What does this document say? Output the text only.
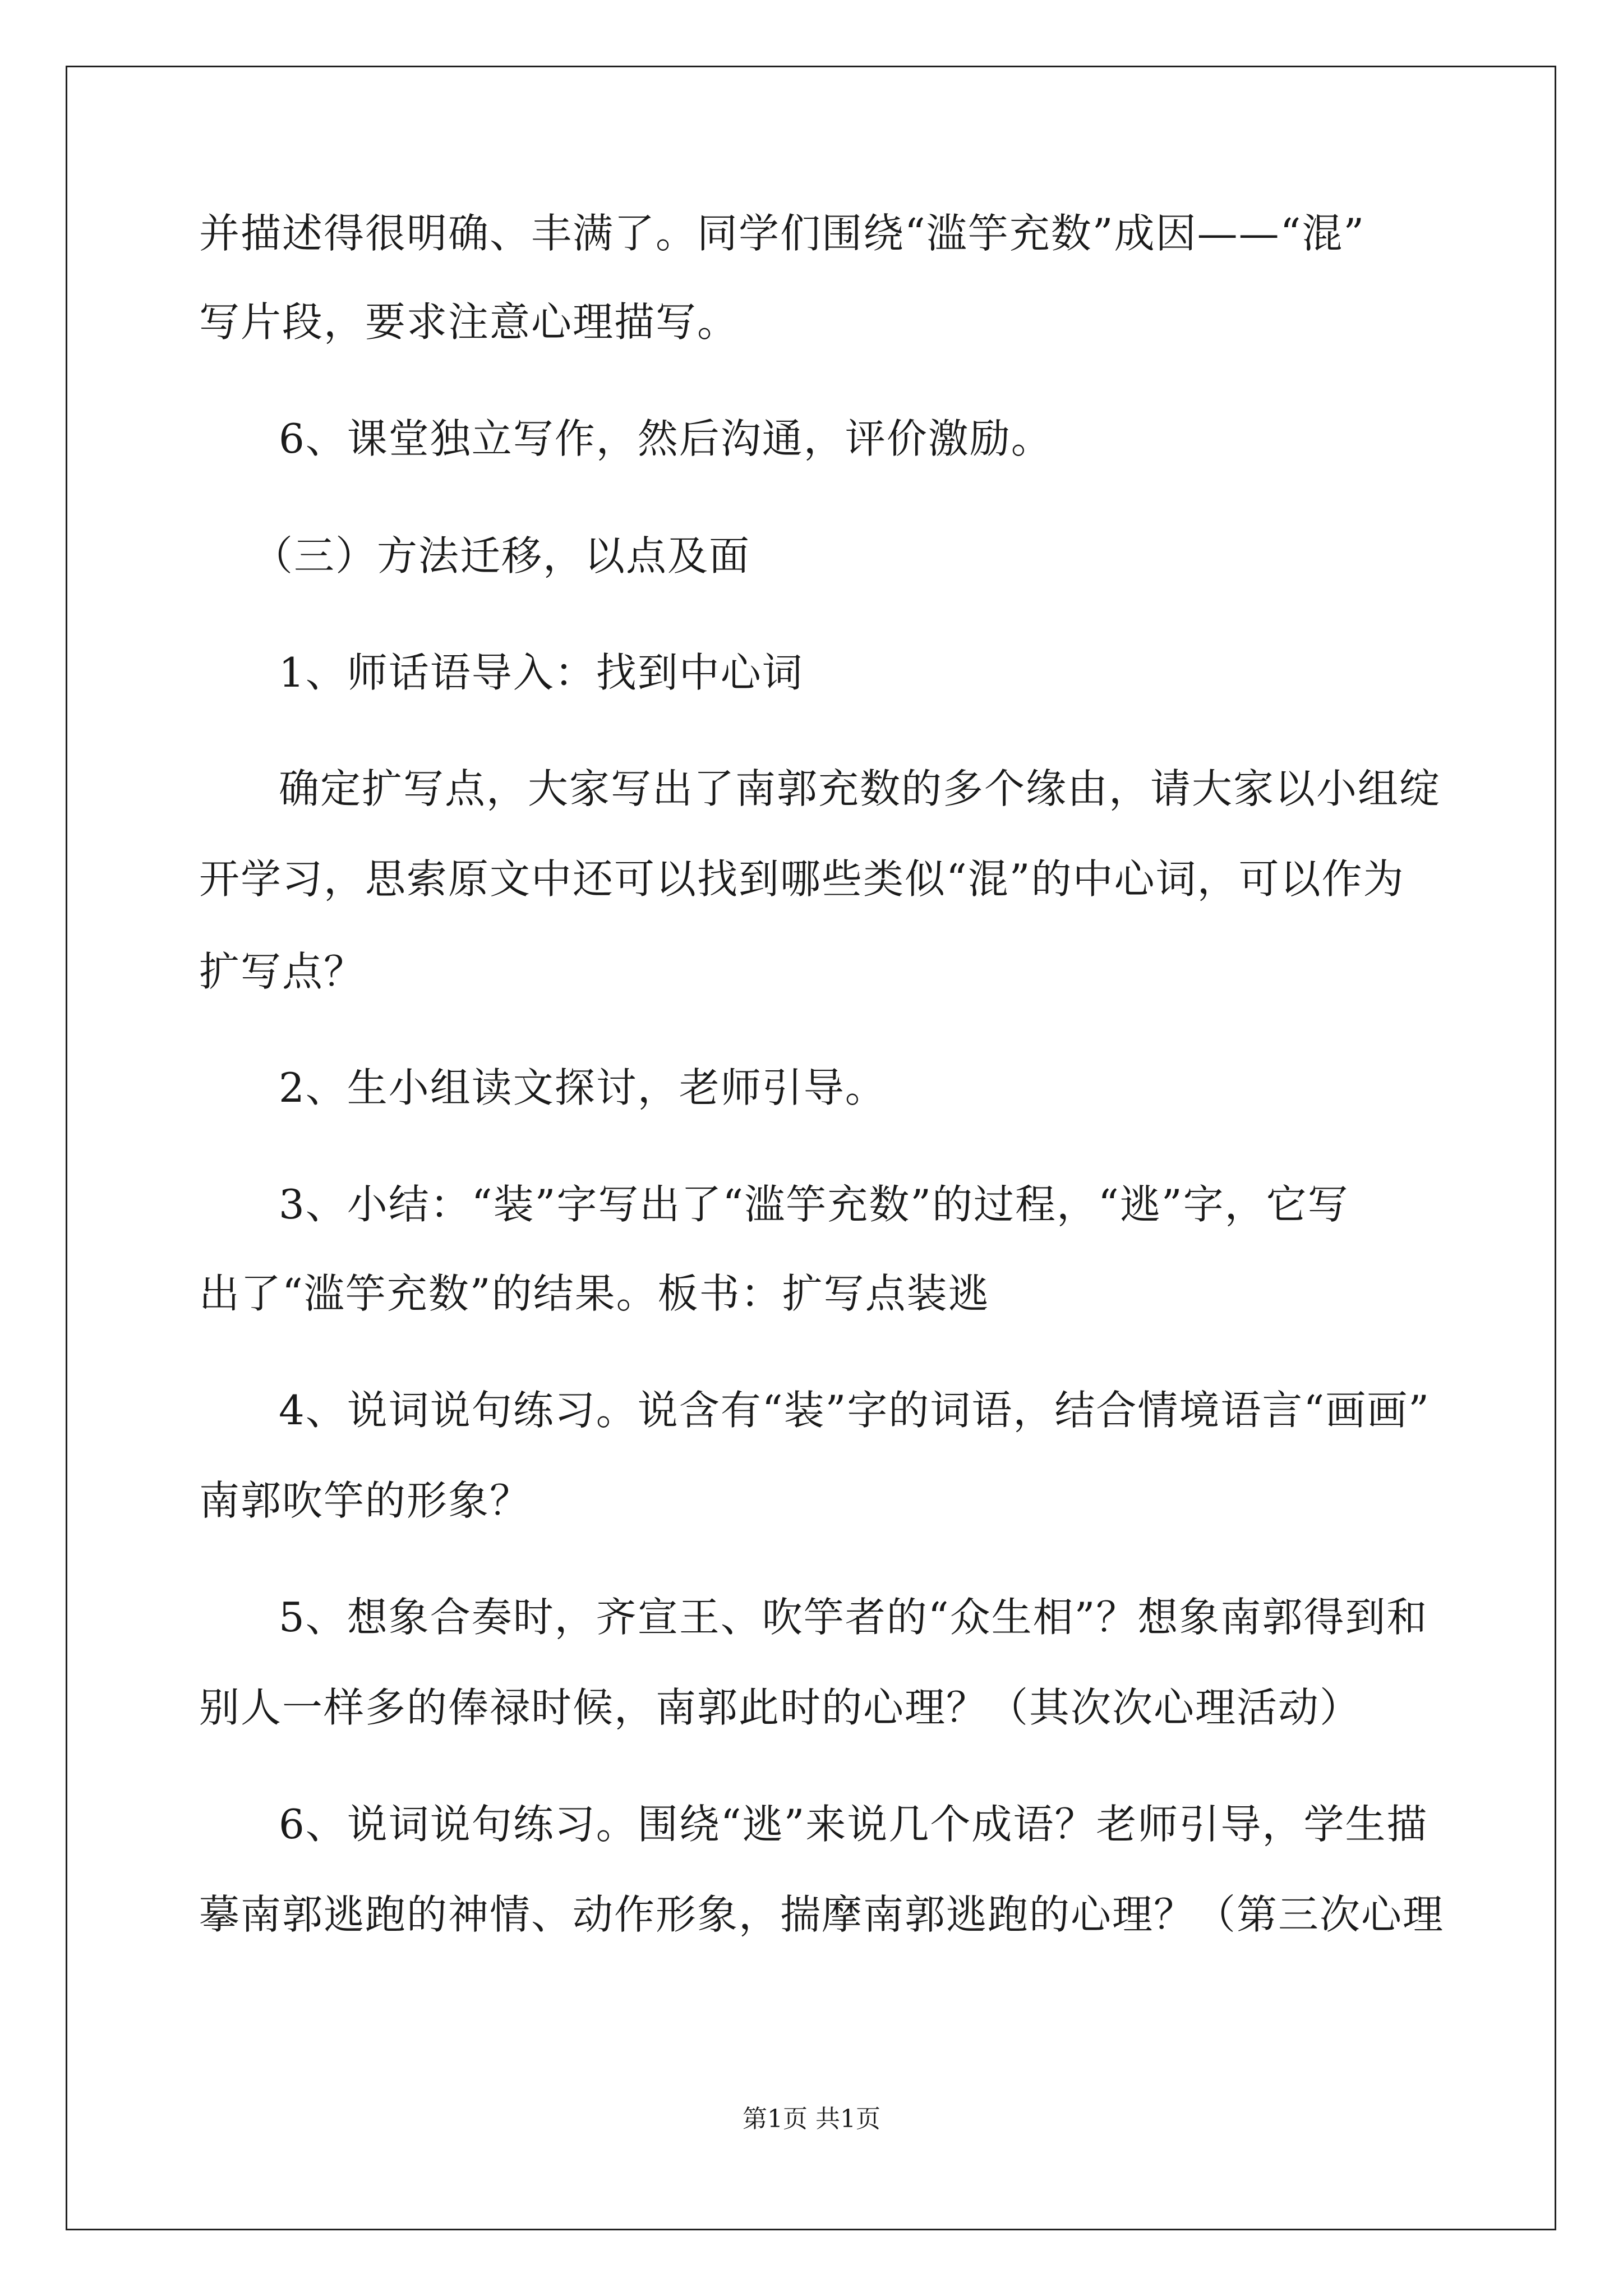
并描述得很明确、丰满了。同学们围绕“滥竽充数”成因——“混”
写片段，要求注意心理描写。
6、课堂独立写作，然后沟通，评价激励。
（三）方法迁移，以点及面
1、师话语导入：找到中心词
确定扩写点，大家写出了南郭充数的多个缘由，请大家以小组绽
开学习，思索原文中还可以找到哪些类似“混”的中心词，可以作为
扩写点？
2、生小组读文探讨，老师引导。
3、小结：“装”字写出了“滥竽充数”的过程，“逃”字，它写
出了“滥竽充数”的结果。板书：扩写点装逃
4、说词说句练习。说含有“装”字的词语，结合情境语言“画画”
南郭吹竽的形象？
5、想象合奏时，齐宣王、吹竽者的“众生相”？想象南郭得到和
别人一样多的俸禄时候，南郭此时的心理？（其次次心理活动）
6、说词说句练习。围绕“逃”来说几个成语？老师引导，学生描
摹南郭逃跑的神情、动作形象，揣摩南郭逃跑的心理？（第三次心理
第1页 共1页
